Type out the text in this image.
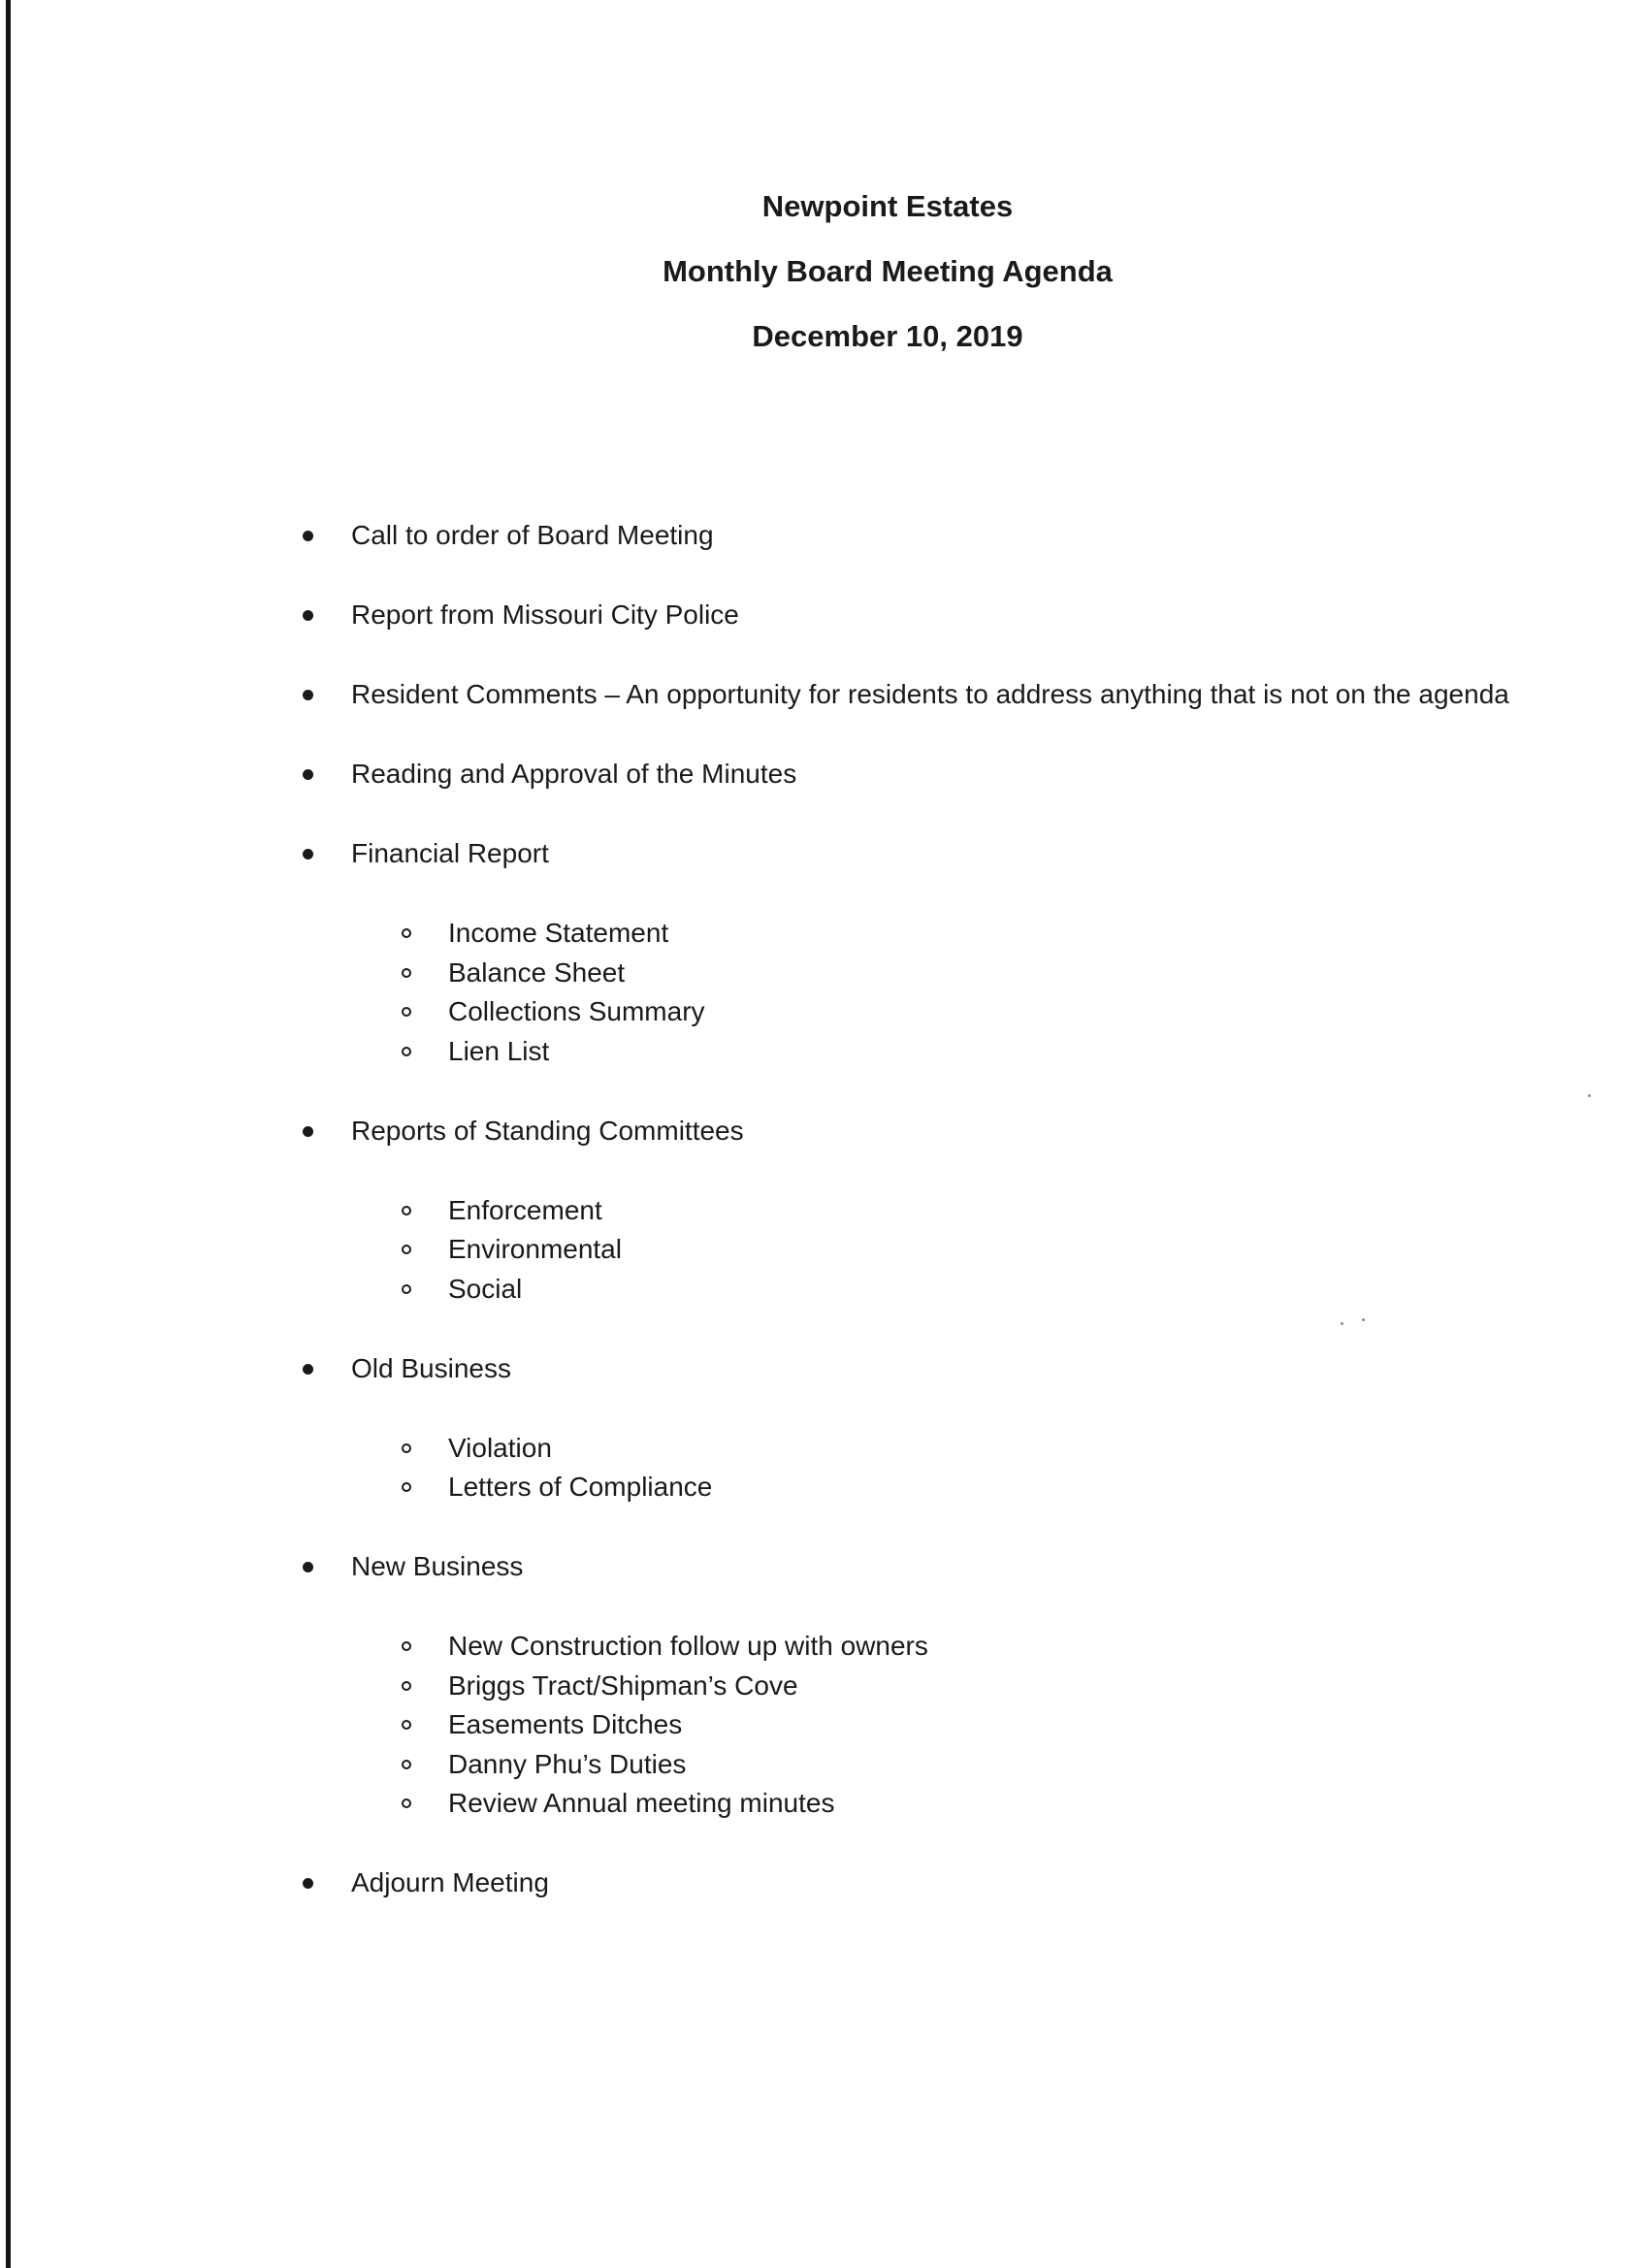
Newpoint Estates
Monthly Board Meeting Agenda
December 10, 2019
Call to order of Board Meeting
Report from Missouri City Police
Resident Comments – An opportunity for residents to address anything that is not on the agenda
Reading and Approval of the Minutes
Financial Report
Income Statement
Balance Sheet
Collections Summary
Lien List
Reports of Standing Committees
Enforcement
Environmental
Social
Old Business
Violation
Letters of Compliance
New Business
New Construction follow up with owners
Briggs Tract/Shipman’s Cove
Easements Ditches
Danny Phu’s Duties
Review Annual meeting minutes
Adjourn Meeting
